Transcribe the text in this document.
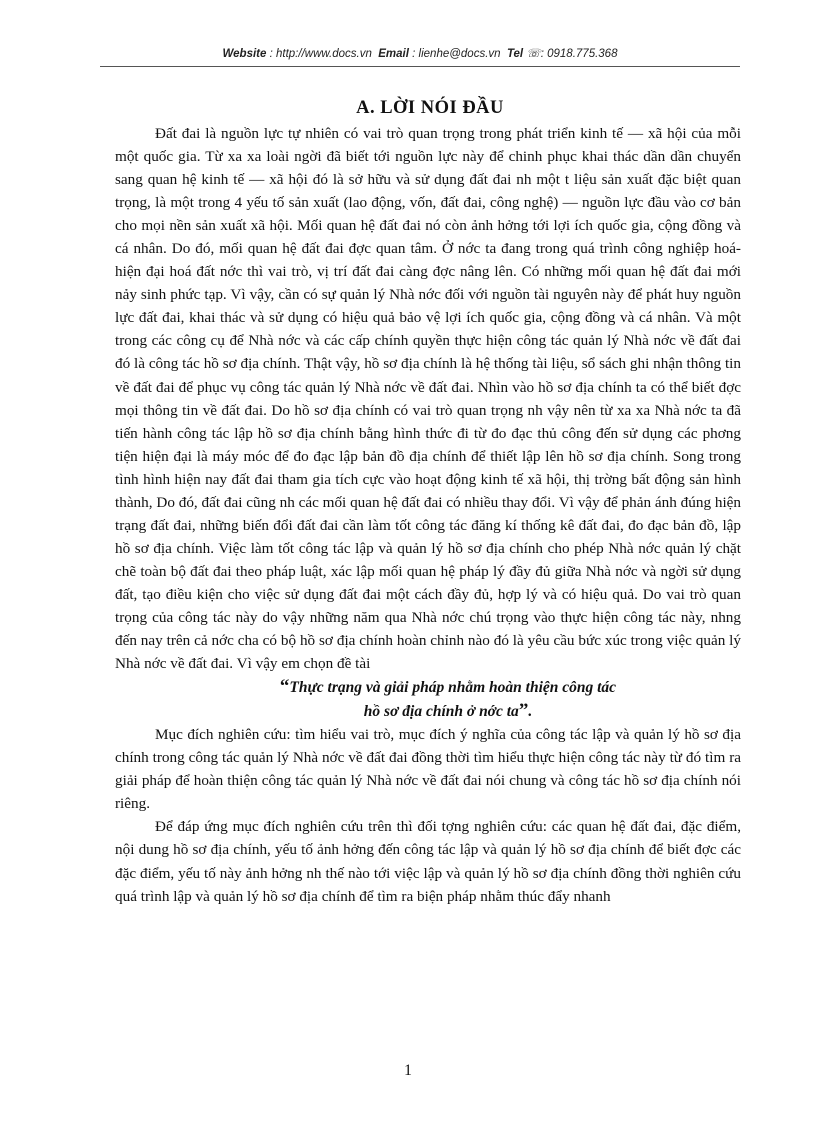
Website : http://www.docs.vn Email : lienhe@docs.vn Tel ☏: 0918.775.368
A. LỜI NÓI ĐẦU

Đất đai là nguồn lực tự nhiên có vai trò quan trọng trong phát triển kinh tế — xã hội của mỗi một quốc gia. Từ xa xa loài ngời đã biết tới nguồn lực này để chinh phục khai thác dần dần chuyển sang quan hệ kinh tế — xã hội đó là sở hữu và sử dụng đất đai nh một t liệu sản xuất đặc biệt quan trọng, là một trong 4 yếu tố sản xuất (lao động, vốn, đất đai, công nghệ) — nguồn lực đầu vào cơ bản cho mọi nền sản xuất xã hội. Mối quan hệ đất đai nó còn ảnh hởng tới lợi ích quốc gia, cộng đồng và cá nhân. Do đó, mối quan hệ đất đai đợc quan tâm. Ở nớc ta đang trong quá trình công nghiệp hoá- hiện đại hoá đất nớc thì vai trò, vị trí đất đai càng đợc nâng lên. Có những mối quan hệ đất đai mới nảy sinh phức tạp. Vì vậy, cần có sự quản lý Nhà nớc đối với nguồn tài nguyên này để phát huy nguồn lực đất đai, khai thác và sử dụng có hiệu quả bảo vệ lợi ích quốc gia, cộng đồng và cá nhân. Và một trong các công cụ để Nhà nớc và các cấp chính quyền thực hiện công tác quản lý Nhà nớc về đất đai đó là công tác hồ sơ địa chính. Thật vậy, hồ sơ địa chính là hệ thống tài liệu, sổ sách ghi nhận thông tin về đất đai để phục vụ công tác quản lý Nhà nớc về đất đai. Nhìn vào hồ sơ địa chính ta có thể biết đợc mọi thông tin về đất đai. Do hồ sơ địa chính có vai trò quan trọng nh vậy nên từ xa xa Nhà nớc ta đã tiến hành công tác lập hồ sơ địa chính bằng hình thức đi từ đo đạc thủ công đến sử dụng các phơng tiện hiện đại là máy móc để đo đạc lập bản đồ địa chính để thiết lập lên hồ sơ địa chính. Song trong tình hình hiện nay đất đai tham gia tích cực vào hoạt động kinh tế xã hội, thị trờng bất động sản hình thành, Do đó, đất đai cũng nh các mối quan hệ đất đai có nhiều thay đổi. Vì vậy để phản ánh đúng hiện trạng đất đai, những biến đổi đất đai cần làm tốt công tác đăng kí thống kê đất đai, đo đạc bản đồ, lập hồ sơ địa chính. Việc làm tốt công tác lập và quản lý hồ sơ địa chính cho phép Nhà nớc quản lý chặt chẽ toàn bộ đất đai theo pháp luật, xác lập mối quan hệ pháp lý đầy đủ giữa Nhà nớc và ngời sử dụng đất, tạo điều kiện cho việc sử dụng đất đai một cách đầy đủ, hợp lý và có hiệu quả. Do vai trò quan trọng của công tác này do vậy những năm qua Nhà nớc chú trọng vào thực hiện công tác này, nhng đến nay trên cả nớc cha có bộ hồ sơ địa chính hoàn chỉnh nào đó là yêu cầu bức xúc trong việc quản lý Nhà nớc về đất đai. Vì vậy em chọn đề tài

“Thực trạng và giải pháp nhằm hoàn thiện công tác

hồ sơ địa chính ở nớc ta”.

Mục đích nghiên cứu: tìm hiểu vai trò, mục đích ý nghĩa của công tác lập và quản lý hồ sơ địa chính trong công tác quản lý Nhà nớc về đất đai đồng thời tìm hiểu thực hiện công tác này từ đó tìm ra giải pháp để hoàn thiện công tác quản lý Nhà nớc về đất đai nói chung và công tác hồ sơ địa chính nói riêng.

Để đáp ứng mục đích nghiên cứu trên thì đối tợng nghiên cứu: các quan hệ đất đai, đặc điểm, nội dung hồ sơ địa chính, yếu tố ảnh hởng đến công tác lập và quản lý hồ sơ địa chính để biết đợc các đặc điểm, yếu tố này ảnh hởng nh thế nào tới việc lập và quản lý hồ sơ địa chính đồng thời nghiên cứu quá trình lập và quản lý hồ sơ địa chính để tìm ra biện pháp nhằm thúc đẩy nhanh

1
